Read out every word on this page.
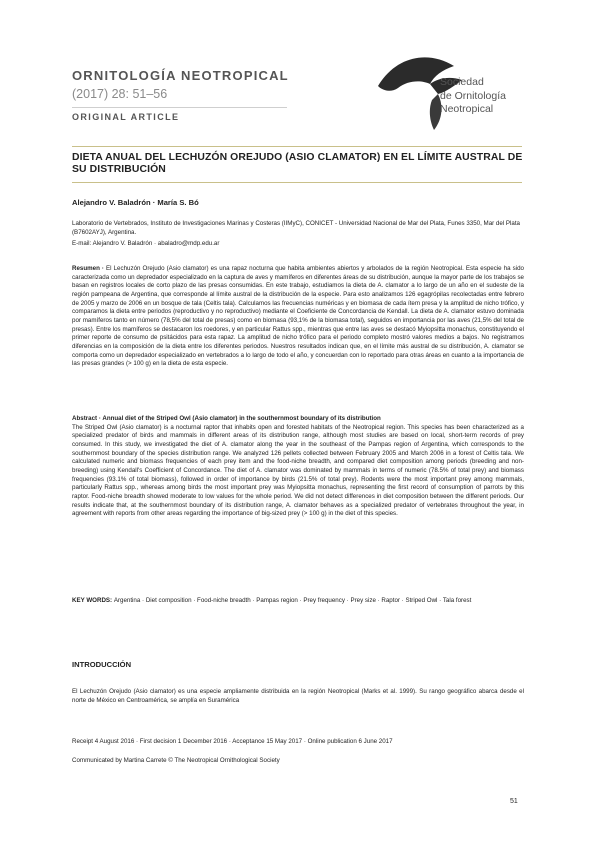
ORNITOLOGÍA NEOTROPICAL
(2017) 28: 51–56
ORIGINAL ARTICLE
Sociedad
de Ornitología
Neotropical
DIETA ANUAL DEL LECHUZÓN OREJUDO (ASIO CLAMATOR) EN EL LÍMITE AUSTRAL DE SU DISTRIBUCIÓN
Alejandro V. Baladrón · María S. Bó
Laboratorio de Vertebrados, Instituto de Investigaciones Marinas y Costeras (IIMyC), CONICET - Universidad Nacional de Mar del Plata, Funes 3350, Mar del Plata (B7602AYJ), Argentina.
E-mail: Alejandro V. Baladrón · abaladro@mdp.edu.ar
Resumen · El Lechuzón Orejudo (Asio clamator) es una rapaz nocturna que habita ambientes abiertos y arbolados de la región Neotropical. Esta especie ha sido caracterizada como un depredador especializado en la captura de aves y mamíferos en diferentes áreas de su distribución, aunque la mayor parte de los trabajos se basan en registros locales de corto plazo de las presas consumidas. En este trabajo, estudiamos la dieta de A. clamator a lo largo de un año en el sudeste de la región pampeana de Argentina, que corresponde al límite austral de la distribución de la especie. Para esto analizamos 126 egagrópilas recolectadas entre febrero de 2005 y marzo de 2006 en un bosque de tala (Celtis tala). Calculamos las frecuencias numéricas y en biomasa de cada ítem presa y la amplitud de nicho trófico, y comparamos la dieta entre periodos (reproductivo y no reproductivo) mediante el Coeficiente de Concordancia de Kendall. La dieta de A. clamator estuvo dominada por mamíferos tanto en número (78,5% del total de presas) como en biomasa (93,1% de la biomasa total), seguidos en importancia por las aves (21,5% del total de presas). Entre los mamíferos se destacaron los roedores, y en particular Rattus spp., mientras que entre las aves se destacó Myiopsitta monachus, constituyendo el primer reporte de consumo de psitácidos para esta rapaz. La amplitud de nicho trófico para el periodo completo mostró valores medios a bajos. No registramos diferencias en la composición de la dieta entre los diferentes periodos. Nuestros resultados indican que, en el límite más austral de su distribución, A. clamator se comporta como un depredador especializado en vertebrados a lo largo de todo el año, y concuerdan con lo reportado para otras áreas en cuanto a la importancia de las presas grandes (> 100 g) en la dieta de esta especie.
Abstract · Annual diet of the Striped Owl (Asio clamator) in the southernmost boundary of its distribution
The Striped Owl (Asio clamator) is a nocturnal raptor that inhabits open and forested habitats of the Neotropical region. This species has been characterized as a specialized predator of birds and mammals in different areas of its distribution range, although most studies are based on local, short-term records of prey consumed. In this study, we investigated the diet of A. clamator along the year in the southeast of the Pampas region of Argentina, which corresponds to the southernmost boundary of the species distribution range. We analyzed 126 pellets collected between February 2005 and March 2006 in a forest of Celtis tala. We calculated numeric and biomass frequencies of each prey item and the food-niche breadth, and compared diet composition among periods (breeding and non-breeding) using Kendall's Coefficient of Concordance. The diet of A. clamator was dominated by mammals in terms of numeric (78.5% of total prey) and biomass frequencies (93.1% of total biomass), followed in order of importance by birds (21.5% of total prey). Rodents were the most important prey among mammals, particularly Rattus spp., whereas among birds the most important prey was Myiopsitta monachus, representing the first record of consumption of parrots by this raptor. Food-niche breadth showed moderate to low values for the whole period. We did not detect differences in diet composition between the different periods. Our results indicate that, at the southernmost boundary of its distribution range, A. clamator behaves as a specialized predator of vertebrates throughout the year, in agreement with reports from other areas regarding the importance of big-sized prey (> 100 g) in the diet of this species.
KEY WORDS: Argentina · Diet composition · Food-niche breadth · Pampas region · Prey frequency · Prey size · Raptor · Striped Owl · Tala forest
INTRODUCCIÓN
El Lechuzón Orejudo (Asio clamator) es una especie ampliamente distribuida en la región Neotropical (Marks et al. 1999). Su rango geográfico abarca desde el norte de México en Centroamérica, se amplía en Suramérica
Receipt 4 August 2016 · First decision 1 December 2016 · Acceptance 15 May 2017 · Online publication 6 June 2017
Communicated by Martina Carrete © The Neotropical Ornithological Society
51
